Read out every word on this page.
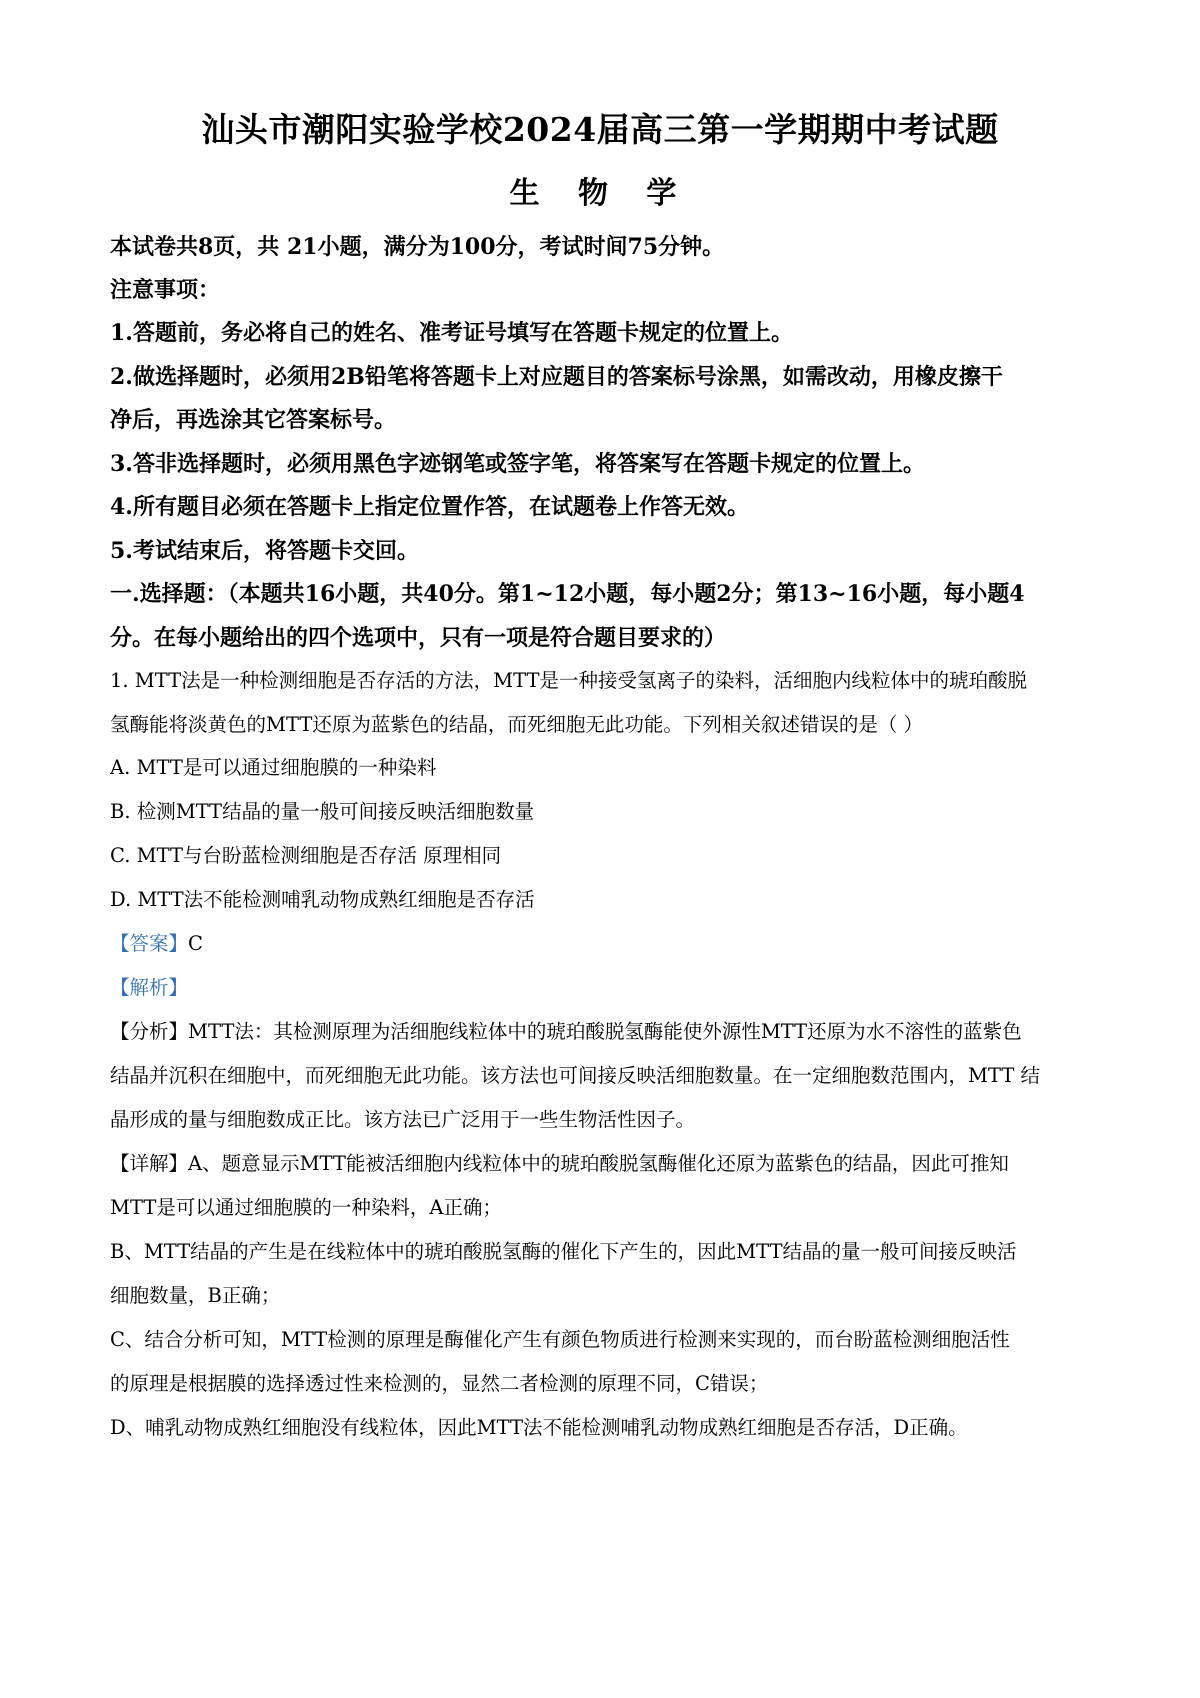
汕头市潮阳实验学校2024届高三第一学期期中考试题
生 物 学
本试卷共8页，共 21小题，满分为100分，考试时间75分钟。
注意事项：
1.答题前，务必将自己的姓名、准考证号填写在答题卡规定的位置上。
2.做选择题时，必须用2B铅笔将答题卡上对应题目的答案标号涂黑，如需改动，用橡皮擦干
净后，再选涂其它答案标号。
3.答非选择题时，必须用黑色字迹钢笔或签字笔，将答案写在答题卡规定的位置上。
4.所有题目必须在答题卡上指定位置作答，在试题卷上作答无效。
5.考试结束后，将答题卡交回。
一.选择题：（本题共16小题，共40分。第1~12小题，每小题2分；第13~16小题，每小题4
分。在每小题给出的四个选项中，只有一项是符合题目要求的）
1. MTT法是一种检测细胞是否存活的方法，MTT是一种接受氢离子的染料，活细胞内线粒体中的琥珀酸脱
氢酶能将淡黄色的MTT还原为蓝紫色的结晶，而死细胞无此功能。下列相关叙述错误的是（ ）
A. MTT是可以通过细胞膜的一种染料
B. 检测MTT结晶的量一般可间接反映活细胞数量
C. MTT与台盼蓝检测细胞是否存活 原理相同
D. MTT法不能检测哺乳动物成熟红细胞是否存活
【答案】C
【解析】
【分析】MTT法：其检测原理为活细胞线粒体中的琥珀酸脱氢酶能使外源性MTT还原为水不溶性的蓝紫色
结晶并沉积在细胞中，而死细胞无此功能。该方法也可间接反映活细胞数量。在一定细胞数范围内，MTT 结
晶形成的量与细胞数成正比。该方法已广泛用于一些生物活性因子。
【详解】A、题意显示MTT能被活细胞内线粒体中的琥珀酸脱氢酶催化还原为蓝紫色的结晶，因此可推知
MTT是可以通过细胞膜的一种染料，A正确；
B、MTT结晶的产生是在线粒体中的琥珀酸脱氢酶的催化下产生的，因此MTT结晶的量一般可间接反映活
细胞数量，B正确；
C、结合分析可知，MTT检测的原理是酶催化产生有颜色物质进行检测来实现的，而台盼蓝检测细胞活性
的原理是根据膜的选择透过性来检测的，显然二者检测的原理不同，C错误；
D、哺乳动物成熟红细胞没有线粒体，因此MTT法不能检测哺乳动物成熟红细胞是否存活，D正确。
